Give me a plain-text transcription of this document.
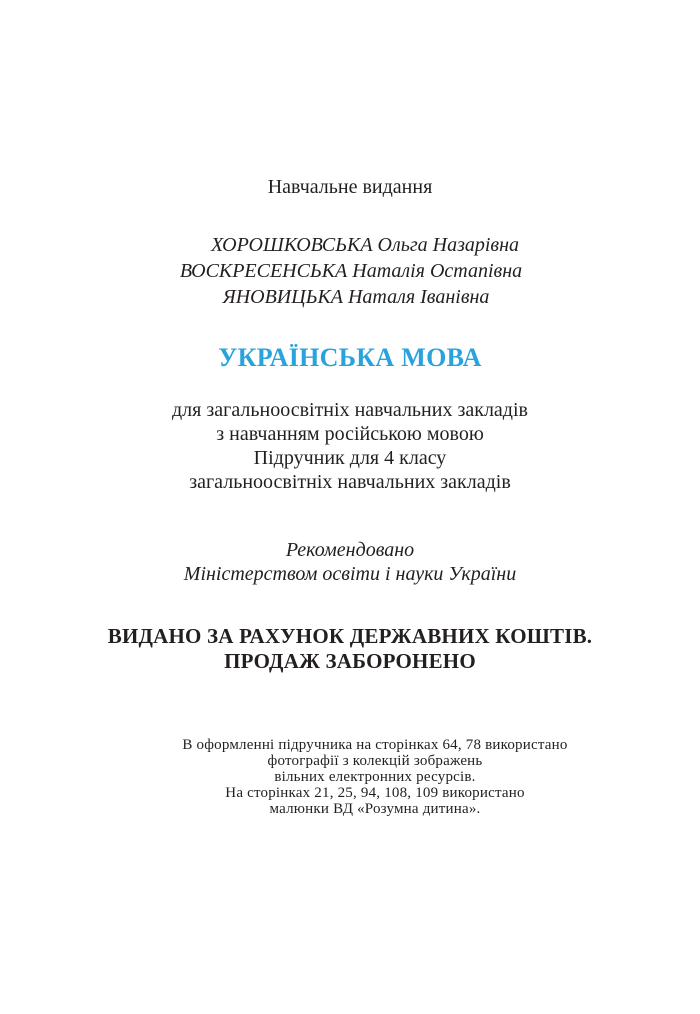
Навчальне видання
ХОРОШКОВСЬКА Ольга Назарівна
ВОСКРЕСЕНСЬКА Наталія Остапівна
ЯНОВИЦЬКА Наталя Іванівна
УКРАЇНСЬКА МОВА
для загальноосвітніх навчальних закладів
з навчанням російською мовою
Підручник для 4 класу
загальноосвітніх навчальних закладів
Рекомендовано
Міністерством освіти і науки України
ВИДАНО ЗА РАХУНОК ДЕРЖАВНИХ КОШТІВ.
ПРОДАЖ ЗАБОРОНЕНО
В оформленні підручника на сторінках 64, 78 використано
фотографії з колекцій зображень
вільних електронних ресурсів.
На сторінках 21, 25, 94, 108, 109 використано
малюнки ВД «Розумна дитина».
